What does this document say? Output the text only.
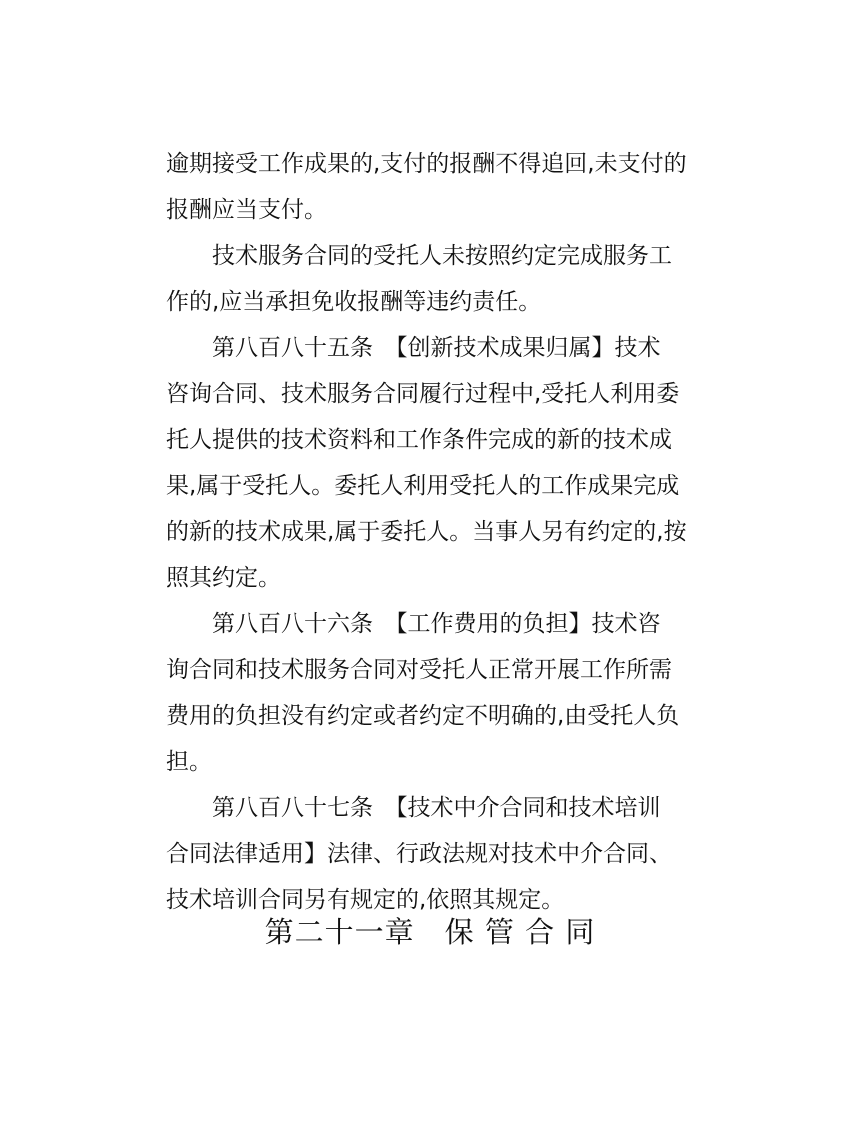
逾期接受工作成果的,支付的报酬不得追回,未支付的
报酬应当支付。
技术服务合同的受托人未按照约定完成服务工
作的,应当承担免收报酬等违约责任。
第八百八十五条　【创新技术成果归属】技术
咨询合同、技术服务合同履行过程中,受托人利用委
托人提供的技术资料和工作条件完成的新的技术成
果,属于受托人。委托人利用受托人的工作成果完成
的新的技术成果,属于委托人。当事人另有约定的,按
照其约定。
第八百八十六条　【工作费用的负担】技术咨
询合同和技术服务合同对受托人正常开展工作所需
费用的负担没有约定或者约定不明确的,由受托人负
担。
第八百八十七条　【技术中介合同和技术培训
合同法律适用】法律、行政法规对技术中介合同、
技术培训合同另有规定的,依照其规定。
第二十一章　保 管 合 同
